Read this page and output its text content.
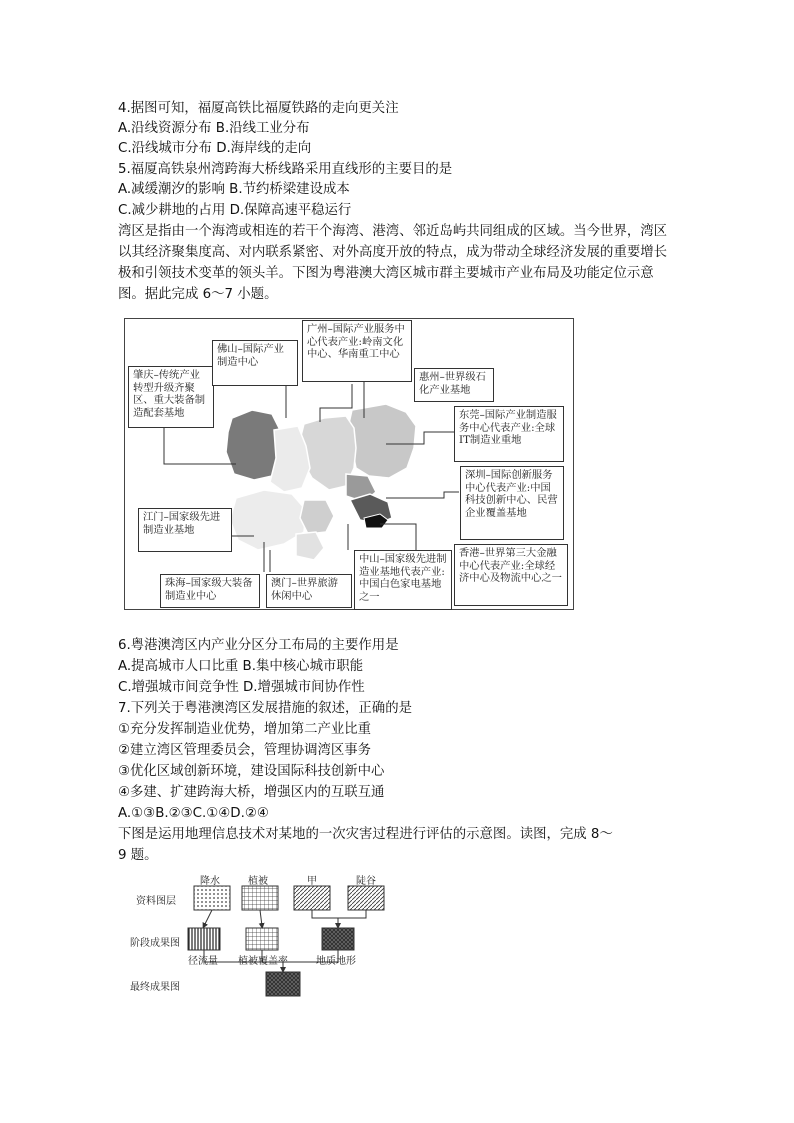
4.据图可知，福厦高铁比福厦铁路的走向更关注
A.沿线资源分布 B.沿线工业分布
C.沿线城市分布 D.海岸线的走向
5.福厦高铁泉州湾跨海大桥线路采用直线形的主要目的是
A.减缓潮汐的影响 B.节约桥梁建设成本
C.减少耕地的占用 D.保障高速平稳运行
湾区是指由一个海湾或相连的若干个海湾、港湾、邻近岛屿共同组成的区域。当今世界，湾区以其经济聚集度高、对内联系紧密、对外高度开放的特点，成为带动全球经济发展的重要增长极和引领技术变革的领头羊。下图为粤港澳大湾区城市群主要城市产业布局及功能定位示意图。据此完成 6～7 小题。
肇庆–传统产业转型升级齐聚区、重大装备制造配套基地
佛山–国际产业制造中心
广州–国际产业服务中心代表产业:岭南文化中心、华南重工中心
惠州–世界级石化产业基地
东莞–国际产业制造服务中心代表产业:全球IT制造业重地
深圳–国际创新服务中心代表产业:中国科技创新中心、民营企业覆盖基地
江门–国家级先进制造业基地
珠海–国家级大装备制造业中心
澳门–世界旅游休闲中心
中山–国家级先进制造业基地代表产业:中国白色家电基地之一
香港–世界第三大金融中心代表产业:全球经济中心及物流中心之一
6.粤港澳湾区内产业分区分工布局的主要作用是
A.提高城市人口比重 B.集中核心城市职能
C.增强城市间竞争性 D.增强城市间协作性
7.下列关于粤港澳湾区发展措施的叙述，正确的是
①充分发挥制造业优势，增加第二产业比重
②建立湾区管理委员会，管理协调湾区事务
③优化区域创新环境，建设国际科技创新中心
④多建、扩建跨海大桥，增强区内的互联互通
A.①③B.②③C.①④D.②④
下图是运用地理信息技术对某地的一次灾害过程进行评估的示意图。读图，完成 8～
9 题。
资料图层
阶段成果图
最终成果图
降水	植被	甲	陡谷
径流量 植被覆盖率	地质地形
